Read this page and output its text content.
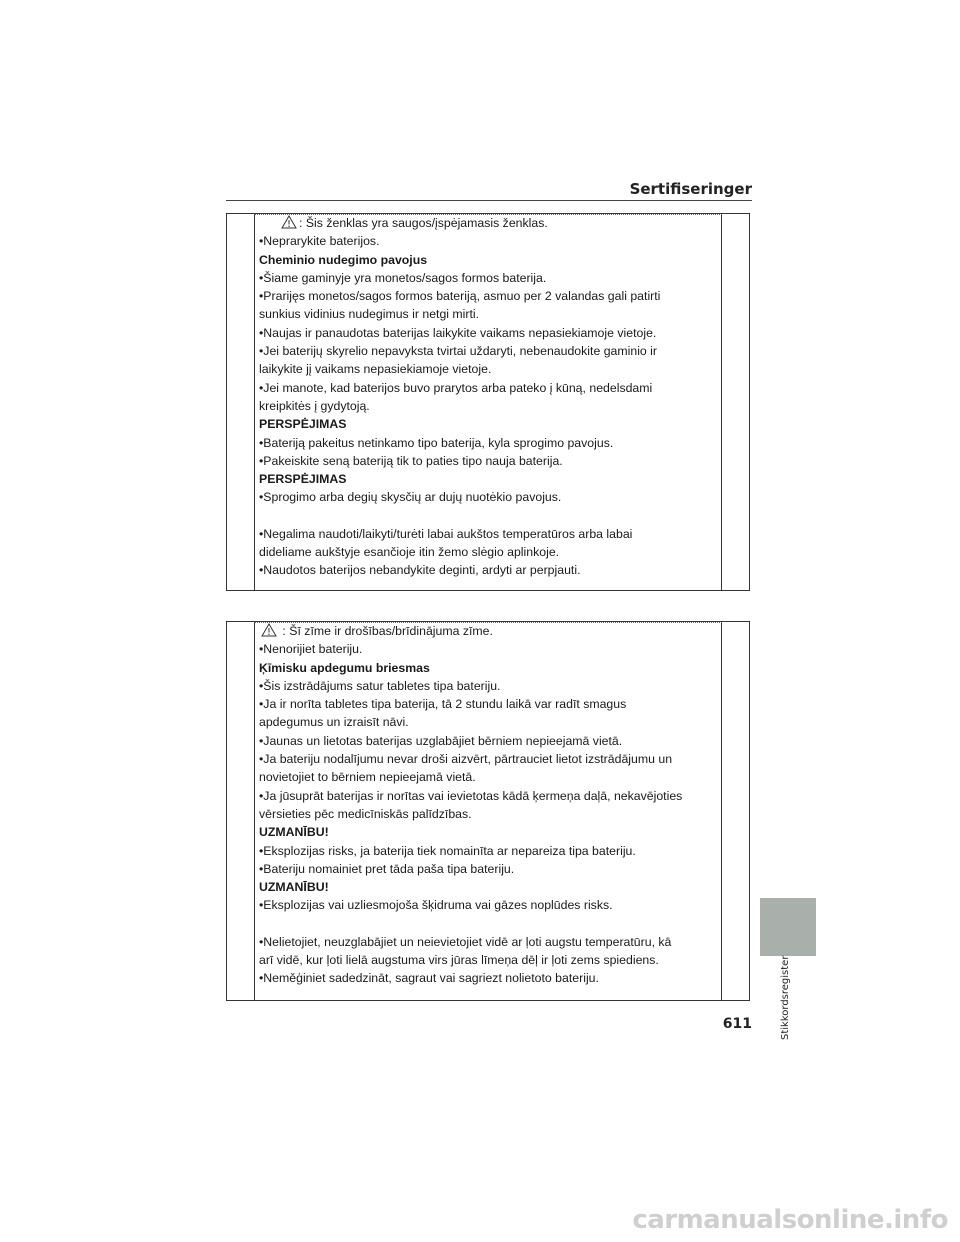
Sertifiseringer
: Šis ženklas yra saugos/įspėjamasis ženklas.
•Neprarykite baterijos.
Cheminio nudegimo pavojus
•Šiame gaminyje yra monetos/sagos formos baterija.
•Prarijęs monetos/sagos formos bateriją, asmuo per 2 valandas gali patirti
sunkius vidinius nudegimus ir netgi mirti.
•Naujas ir panaudotas baterijas laikykite vaikams nepasiekiamoje vietoje.
•Jei baterijų skyrelio nepavyksta tvirtai uždaryti, nebenaudokite gaminio ir
laikykite jį vaikams nepasiekiamoje vietoje.
•Jei manote, kad baterijos buvo prarytos arba pateko į kūną, nedelsdami
kreipkitės į gydytoją.
PERSPĖJIMAS
•Bateriją pakeitus netinkamo tipo baterija, kyla sprogimo pavojus.
•Pakeiskite seną bateriją tik to paties tipo nauja baterija.
PERSPĖJIMAS
•Sprogimo arba degių skysčių ar dujų nuotėkio pavojus.
•Negalima naudoti/laikyti/turėti labai aukštos temperatūros arba labai
dideliame aukštyje esančioje itin žemo slėgio aplinkoje.
•Naudotos baterijos nebandykite deginti, ardyti ar perpjauti.
: Šī zīme ir drošības/brīdinājuma zīme.
•Nenorijiet bateriju.
Ķīmisku apdegumu briesmas
•Šis izstrādājums satur tabletes tipa bateriju.
•Ja ir norīta tabletes tipa baterija, tā 2 stundu laikā var radīt smagus
apdegumus un izraisīt nāvi.
•Jaunas un lietotas baterijas uzglabājiet bērniem nepieejamā vietā.
•Ja bateriju nodalījumu nevar droši aizvērt, pārtrauciet lietot izstrādājumu un
novietojiet to bērniem nepieejamā vietā.
•Ja jūsuprāt baterijas ir norītas vai ievietotas kādā ķermeņa daļā, nekavējoties
vērsieties pēc medicīniskās palīdzības.
UZMANĪBU!
•Eksplozijas risks, ja baterija tiek nomainīta ar nepareiza tipa bateriju.
•Bateriju nomainiet pret tāda paša tipa bateriju.
UZMANĪBU!
•Eksplozijas vai uzliesmojoša šķidruma vai gāzes noplūdes risks.
•Nelietojiet, neuzglabājiet un neievietojiet vidē ar ļoti augstu temperatūru, kā
arī vidē, kur ļoti lielā augstuma virs jūras līmeņa dēļ ir ļoti zems spiediens.
•Neměģiniet sadedzināt, sagraut vai sagriezt nolietoto bateriju.	Stikkordsregister
611
carmanualsonline.info
